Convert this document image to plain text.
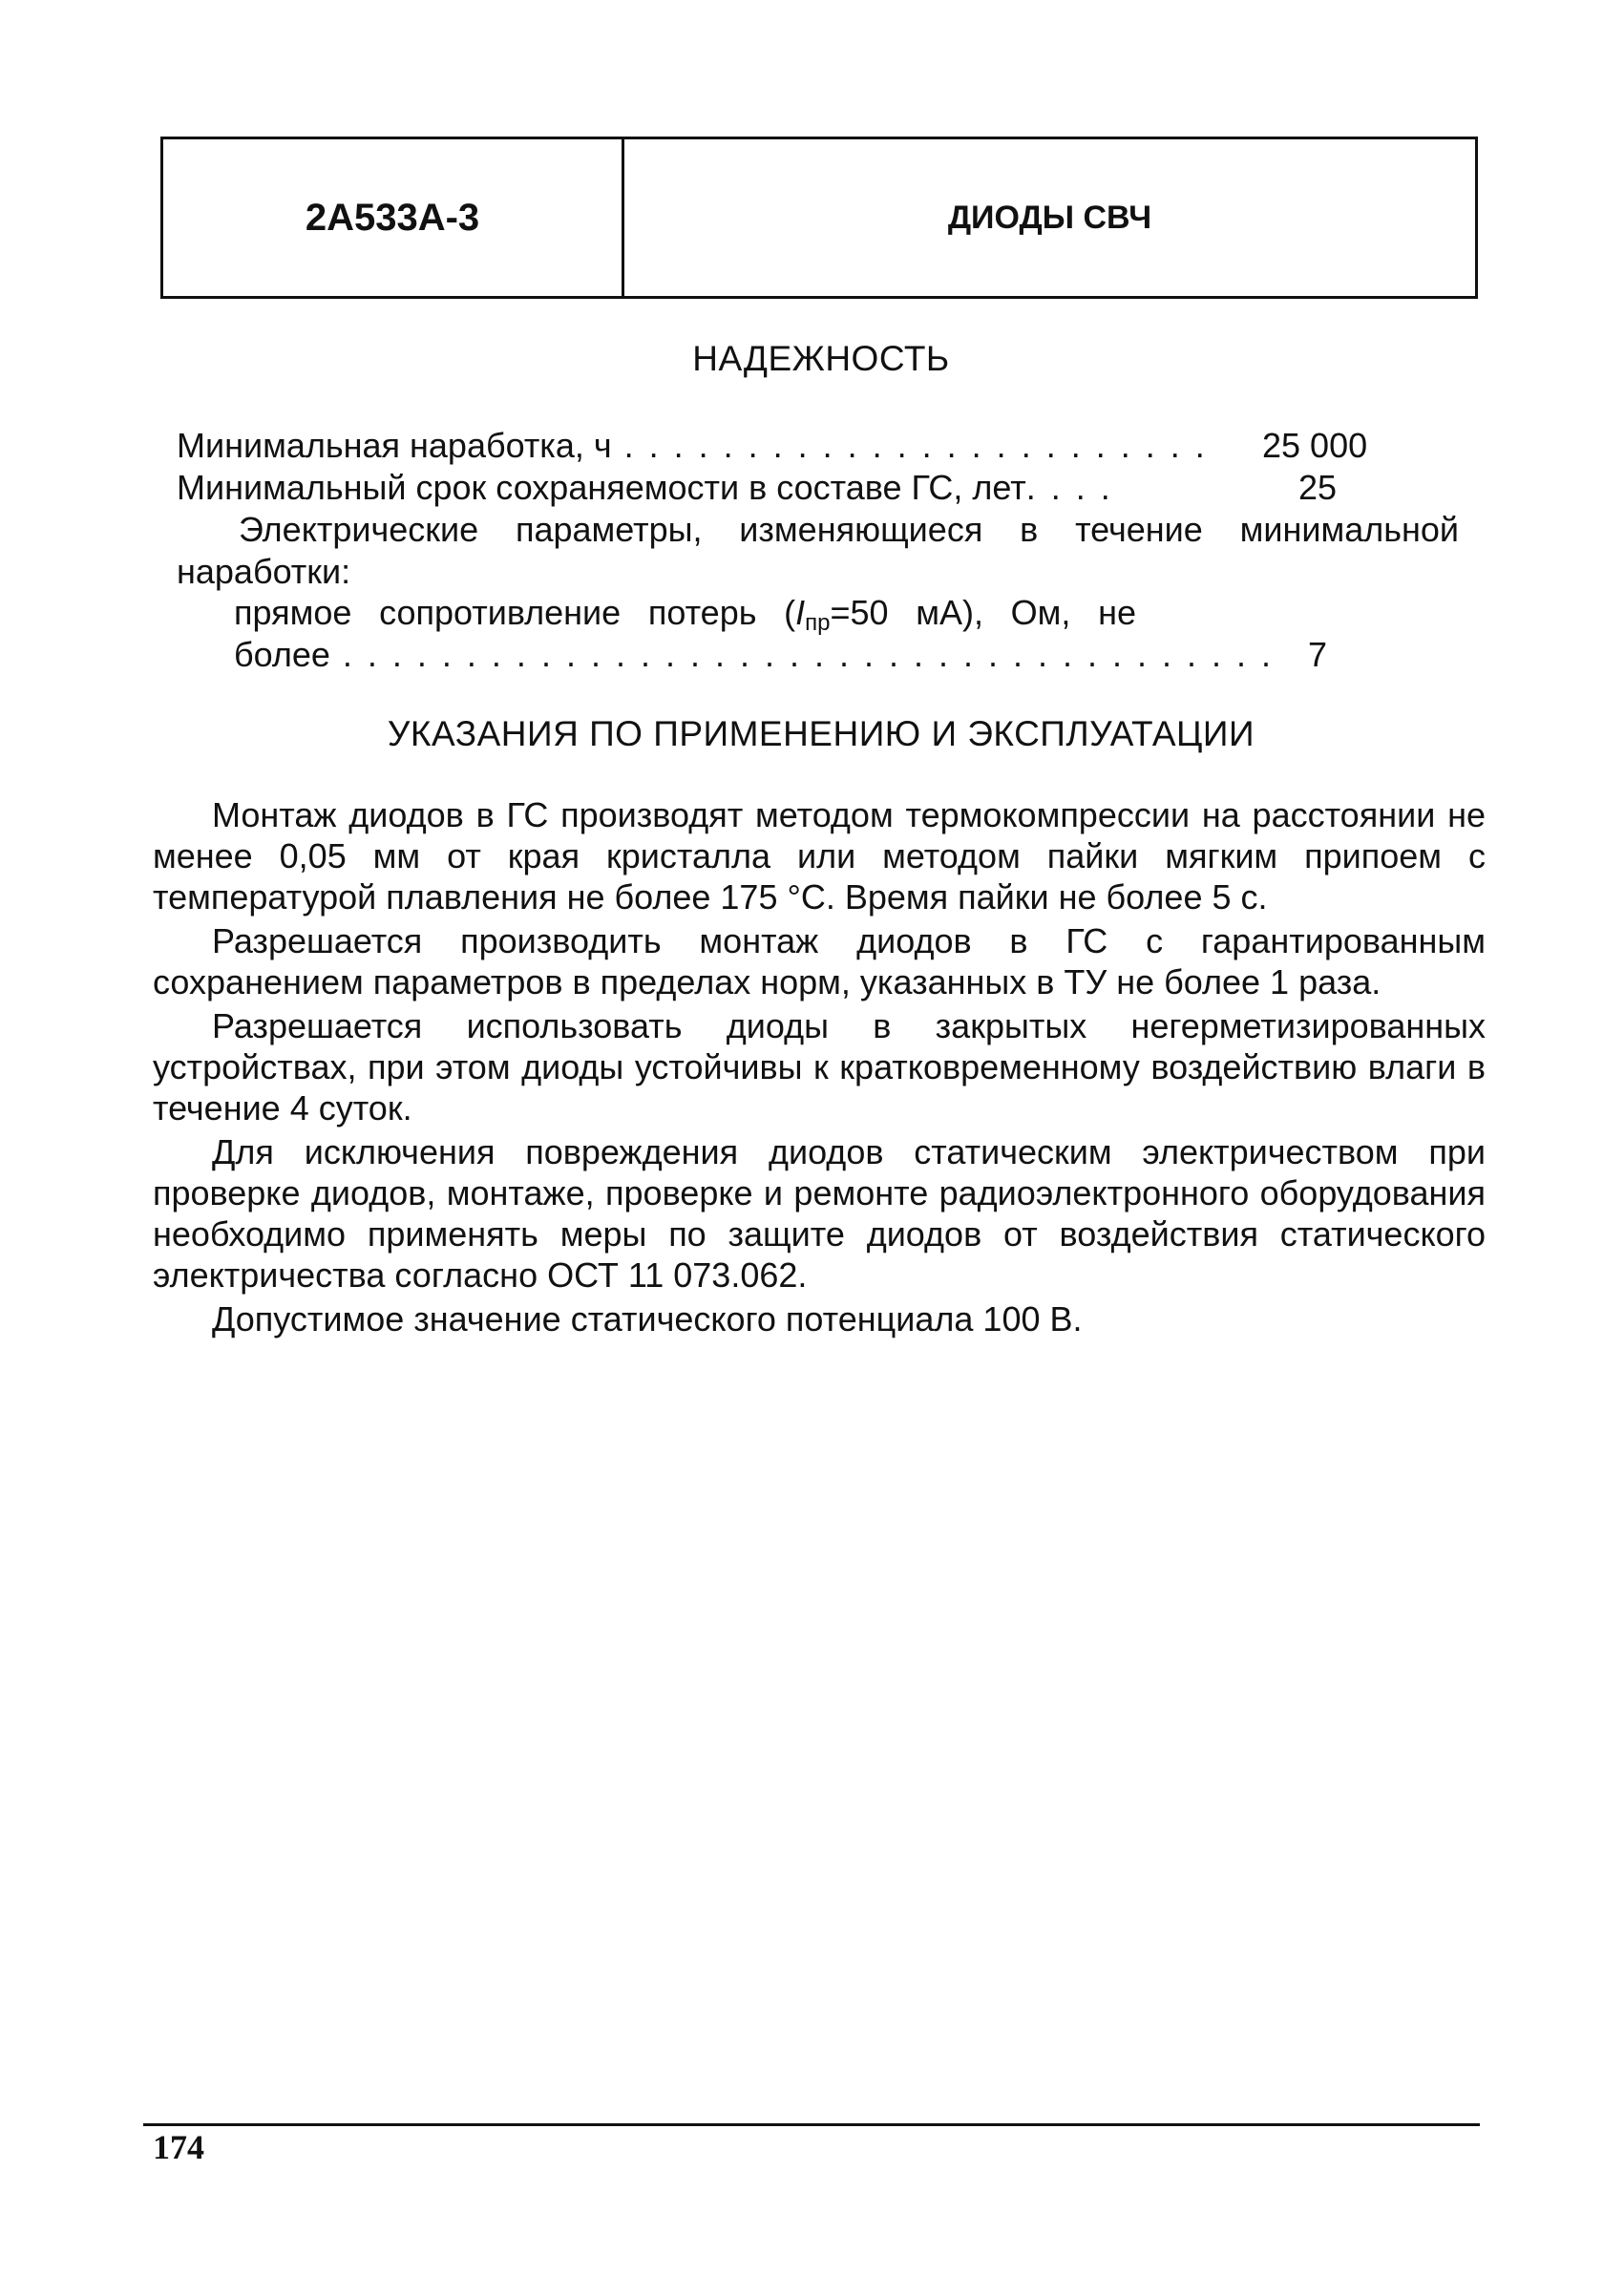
2А533А-3	ДИОДЫ СВЧ
НАДЕЖНОСТЬ
Минимальная наработка, ч . . . . . . . . . . . . . . . . . . . . . . . . 25 000
Минимальный срок сохраняемости в составе ГС, лет. . . .	25
Электрические параметры, изменяющиеся в течение минимальной
наработки:
прямое сопротивление потерь ($I_{пр}=50$ мА), Ом, не
более . . . . . . . . . . . . . . . . . . . . . . . . . . . . . . . . . . . . . . 7
УКАЗАНИЯ ПО ПРИМЕНЕНИЮ И ЭКСПЛУАТАЦИИ

Монтаж диодов в ГС производят методом термокомпрессии на расстоянии не менее 0,05 мм от края кристалла или методом пайки мягким припоем с температурой плавления не более 175 °С. Время пайки не более 5 с.

Разрешается производить монтаж диодов в ГС с гарантированным сохранением параметров в пределах норм, указанных в ТУ не более 1 раза.

Разрешается использовать диоды в закрытых негерметизированных устройствах, при этом диоды устойчивы к кратковременному воздействию влаги в течение 4 суток.

Для исключения повреждения диодов статическим электричеством при проверке диодов, монтаже, проверке и ремонте радиоэлектронного оборудования необходимо применять меры по защите диодов от воздействия статического электричества согласно ОСТ 11 073.062.

Допустимое значение статического потенциала 100 В.

174
